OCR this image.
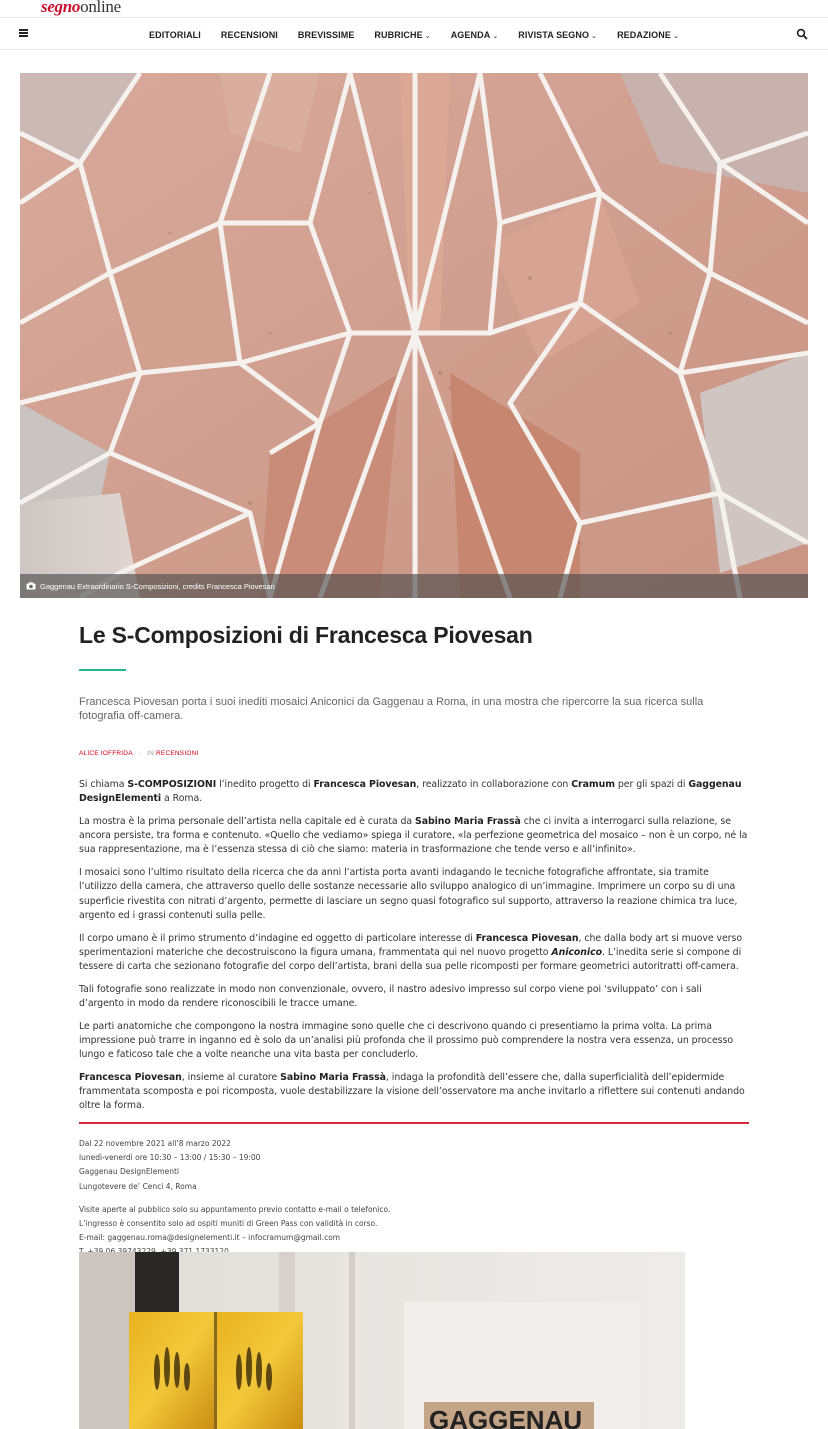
segnoonline
EDITORIALI	RECENSIONI	BREVISSIME	RUBRICHE ⌄	AGENDA ⌄	RIVISTA SEGNO ⌄	REDAZIONE ⌄
Gaggenau Extraordinario S-Composizioni, credits Francesca Piovesan
Le S-Composizioni di Francesca Piovesan

Francesca Piovesan porta i suoi inediti mosaici Aniconici da Gaggenau a Roma, in una mostra che ripercorre la sua ricerca sulla fotografia off-camera.

ALICE IOFFRIDA - IN RECENSIONI

Si chiama S-COMPOSIZIONI l’inedito progetto di Francesca Piovesan, realizzato in collaborazione con Cramum per gli spazi di Gaggenau DesignElementi a Roma.

La mostra è la prima personale dell’artista nella capitale ed è curata da Sabino Maria Frassà che ci invita a interrogarci sulla relazione, se ancora persiste, tra forma e contenuto. «Quello che vediamo» spiega il curatore, «la perfezione geometrica del mosaico – non è un corpo, né la sua rappresentazione, ma è l’essenza stessa di ciò che siamo: materia in trasformazione che tende verso e all’infinito».

I mosaici sono l’ultimo risultato della ricerca che da anni l’artista porta avanti indagando le tecniche fotografiche affrontate, sia tramite l’utilizzo della camera, che attraverso quello delle sostanze necessarie allo sviluppo analogico di un’immagine. Imprimere un corpo su di una superficie rivestita con nitrati d’argento, permette di lasciare un segno quasi fotografico sul supporto, attraverso la reazione chimica tra luce, argento ed i grassi contenuti sulla pelle.

Il corpo umano è il primo strumento d’indagine ed oggetto di particolare interesse di Francesca Piovesan, che dalla body art si muove verso sperimentazioni materiche che decostruiscono la figura umana, frammentata qui nel nuovo progetto Aniconico. L’inedita serie si compone di tessere di carta che sezionano fotografie del corpo dell’artista, brani della sua pelle ricomposti per formare geometrici autoritratti off-camera.

Tali fotografie sono realizzate in modo non convenzionale, ovvero, il nastro adesivo impresso sul corpo viene poi ‘sviluppato’ con i sali d’argento in modo da rendere riconoscibili le tracce umane.

Le parti anatomiche che compongono la nostra immagine sono quelle che ci descrivono quando ci presentiamo la prima volta. La prima impressione può trarre in inganno ed è solo da un’analisi più profonda che il prossimo può comprendere la nostra vera essenza, un processo lungo e faticoso tale che a volte neanche una vita basta per concluderlo.

Francesca Piovesan, insieme al curatore Sabino Maria Frassà, indaga la profondità dell’essere che, dalla superficialità dell’epidermide frammentata scomposta e poi ricomposta, vuole destabilizzare la visione dell’osservatore ma anche invitarlo a riflettere sui contenuti andando oltre la forma.

Dal 22 novembre 2021 all’8 marzo 2022
lunedì-venerdì ore 10:30 – 13:00 / 15:30 – 19:00
Gaggenau DesignElementi
Lungotevere de’ Cenci 4, Roma
Visite aperte al pubblico solo su appuntamento previo contatto e-mail o telefonico.
L’ingresso è consentito solo ad ospiti muniti di Green Pass con validità in corso.
E-mail: gaggenau.roma@designelementi.it – infocramum@gmail.com
GAGGENAU
